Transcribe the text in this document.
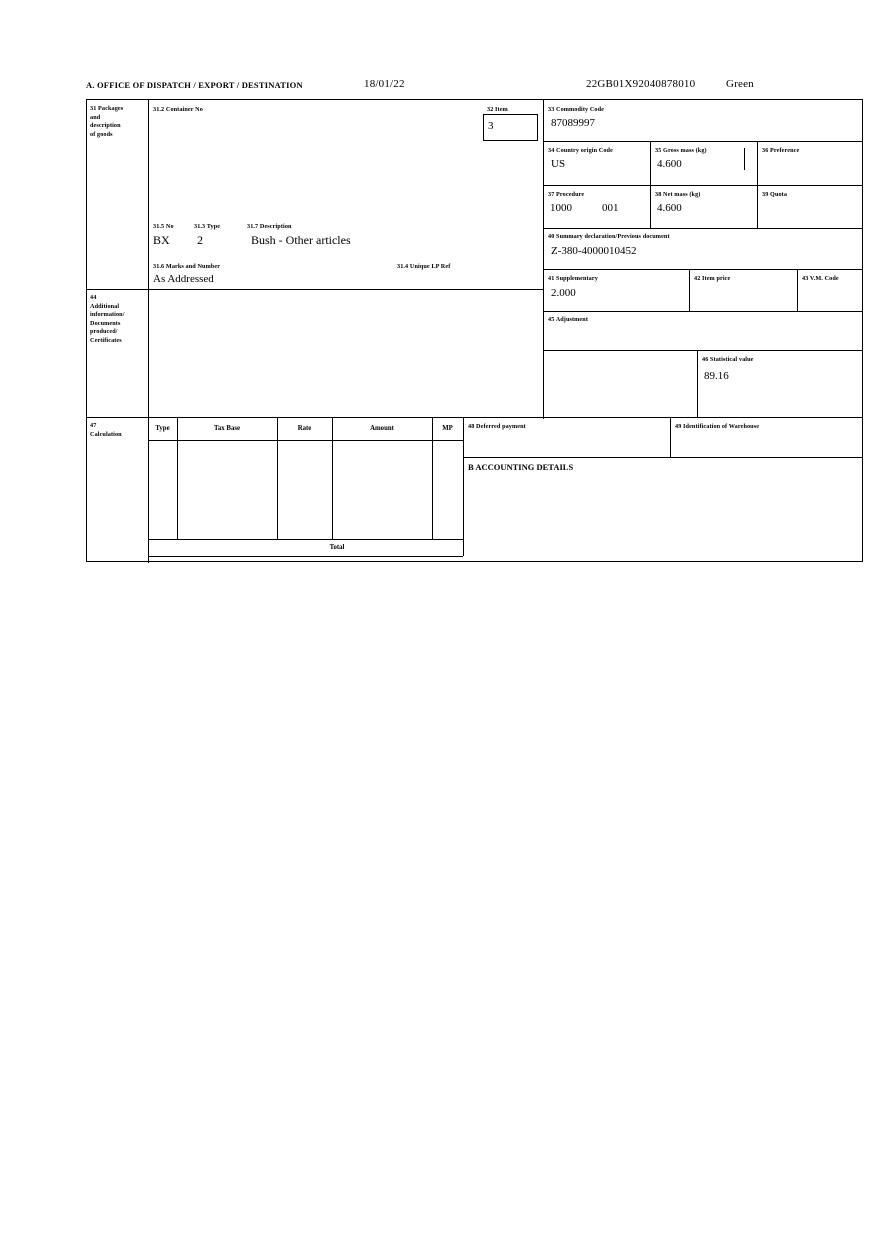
A. OFFICE OF DISPATCH / EXPORT / DESTINATION	18/01/22	22GB01X92040878010	Green
31 Packages
and
description
of goods
31.2 Container No	32 Item
3
31.5 No	31.3 Type	31.7 Description
BX 2	Bush - Other articles
31.6 Marks and Number	31.4 Unique LP Ref
As Addressed
44
Additional
information/
Documents
produced/
Certificates
33 Commodity Code
87089997
34 Country origin Code
US
35 Gross mass (kg)
4.600
36 Preference
37 Procedure
1000	001
38 Net mass (kg)
4.600
39 Quota
40 Summary declaration/Previous document
Z-380-4000010452
41 Supplementary
2.000
42 Item price	43 V.M. Code
45 Adjustment
46 Statistical value
89.16
47
Calculation
Type	Tax Base	Rate	Amount	MP
Total
48 Deferred payment	49 Identification of Warehouse
B ACCOUNTING DETAILS
